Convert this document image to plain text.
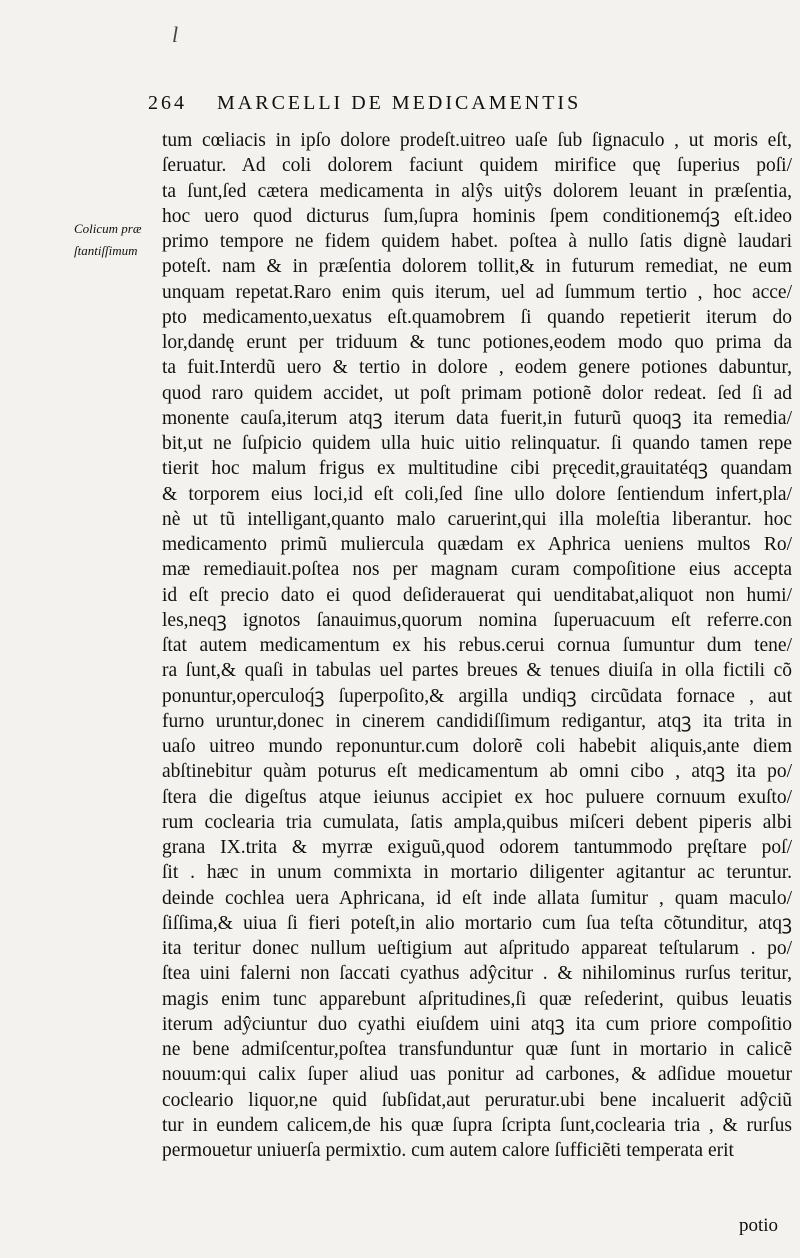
l
264 MARCELLI DE MEDICAMENTIS
Colicum præ
ſtantiſſimum
tum cœliacis in ipſo dolore prodeſt.uitreo uaſe ſub ſignaculo , ut moris eſt,
ſeruatur. Ad coli dolorem faciunt quidem mirifice quę ſuperius poſi/
ta ſunt,ſed cætera medicamenta in alŷs uitŷs dolorem leuant in præſentia,
hoc uero quod dicturus ſum,ſupra hominis ſpem conditionemq́ꝫ eſt.ideo
primo tempore ne fidem quidem habet. poſtea à nullo ſatis dignè laudari
poteſt. nam & in præſentia dolorem tollit,& in futurum remediat, ne eum
unquam repetat.Raro enim quis iterum, uel ad ſummum tertio , hoc acce/
pto medicamento,uexatus eſt.quamobrem ſi quando repetierit iterum do
lor,dandę erunt per triduum & tunc potiones,eodem modo quo prima da
ta fuit.Interdũ uero & tertio in dolore , eodem genere potiones dabuntur,
quod raro quidem accidet, ut poſt primam potionẽ dolor redeat. ſed ſi ad
monente cauſa,iterum atqꝫ iterum data fuerit,in futurũ quoqꝫ ita remedia/
bit,ut ne ſuſpicio quidem ulla huic uitio relinquatur. ſi quando tamen repe
tierit hoc malum frigus ex multitudine cibi pręcedit,grauitatéqꝫ quandam
& torporem eius loci,id eſt coli,ſed ſine ullo dolore ſentiendum infert,pla/
nè ut tũ intelligant,quanto malo caruerint,qui illa moleſtia liberantur. hoc
medicamento primũ muliercula quædam ex Aphrica ueniens multos Ro/
mæ remediauit.poſtea nos per magnam curam compoſitione eius accepta
id eſt precio dato ei quod deſiderauerat qui uenditabat,aliquot non humi/
les,neqꝫ ignotos ſanauimus,quorum nomina ſuperuacuum eſt referre.con
ſtat autem medicamentum ex his rebus.cerui cornua ſumuntur dum tene/
ra ſunt,& quaſi in tabulas uel partes breues & tenues diuiſa in olla fictili cõ
ponuntur,operculoq́ꝫ ſuperpoſito,& argilla undiqꝫ circũdata fornace , aut
furno uruntur,donec in cinerem candidiſſimum redigantur, atqꝫ ita trita in
uaſo uitreo mundo reponuntur.cum dolorẽ coli habebit aliquis,ante diem
abſtinebitur quàm poturus eſt medicamentum ab omni cibo , atqꝫ ita po/
ſtera die digeſtus atque ieiunus accipiet ex hoc puluere cornuum exuſto/
rum coclearia tria cumulata, ſatis ampla,quibus miſceri debent piperis albi
grana IX.trita & myrræ exiguũ,quod odorem tantummodo pręſtare poſ/
ſit . hæc in unum commixta in mortario diligenter agitantur ac teruntur.
deinde cochlea uera Aphricana, id eſt inde allata ſumitur , quam maculo/
ſiſſima,& uiua ſi fieri poteſt,in alio mortario cum ſua teſta cõtunditur, atqꝫ
ita teritur donec nullum ueſtigium aut aſpritudo appareat teſtularum . po/
ſtea uini falerni non ſaccati cyathus adŷcitur . & nihilominus rurſus teritur,
magis enim tunc apparebunt aſpritudines,ſi quæ reſederint, quibus leuatis
iterum adŷciuntur duo cyathi eiuſdem uini atqꝫ ita cum priore compoſitio
ne bene admiſcentur,poſtea transfunduntur quæ ſunt in mortario in calicẽ
nouum:qui calix ſuper aliud uas ponitur ad carbones, & adſidue mouetur
cocleario liquor,ne quid ſubſidat,aut peruratur.ubi bene incaluerit adŷciũ
tur in eundem calicem,de his quæ ſupra ſcripta ſunt,coclearia tria , & rurſus
permouetur uniuerſa permixtio. cum autem calore ſufficiẽti temperata erit
potio
